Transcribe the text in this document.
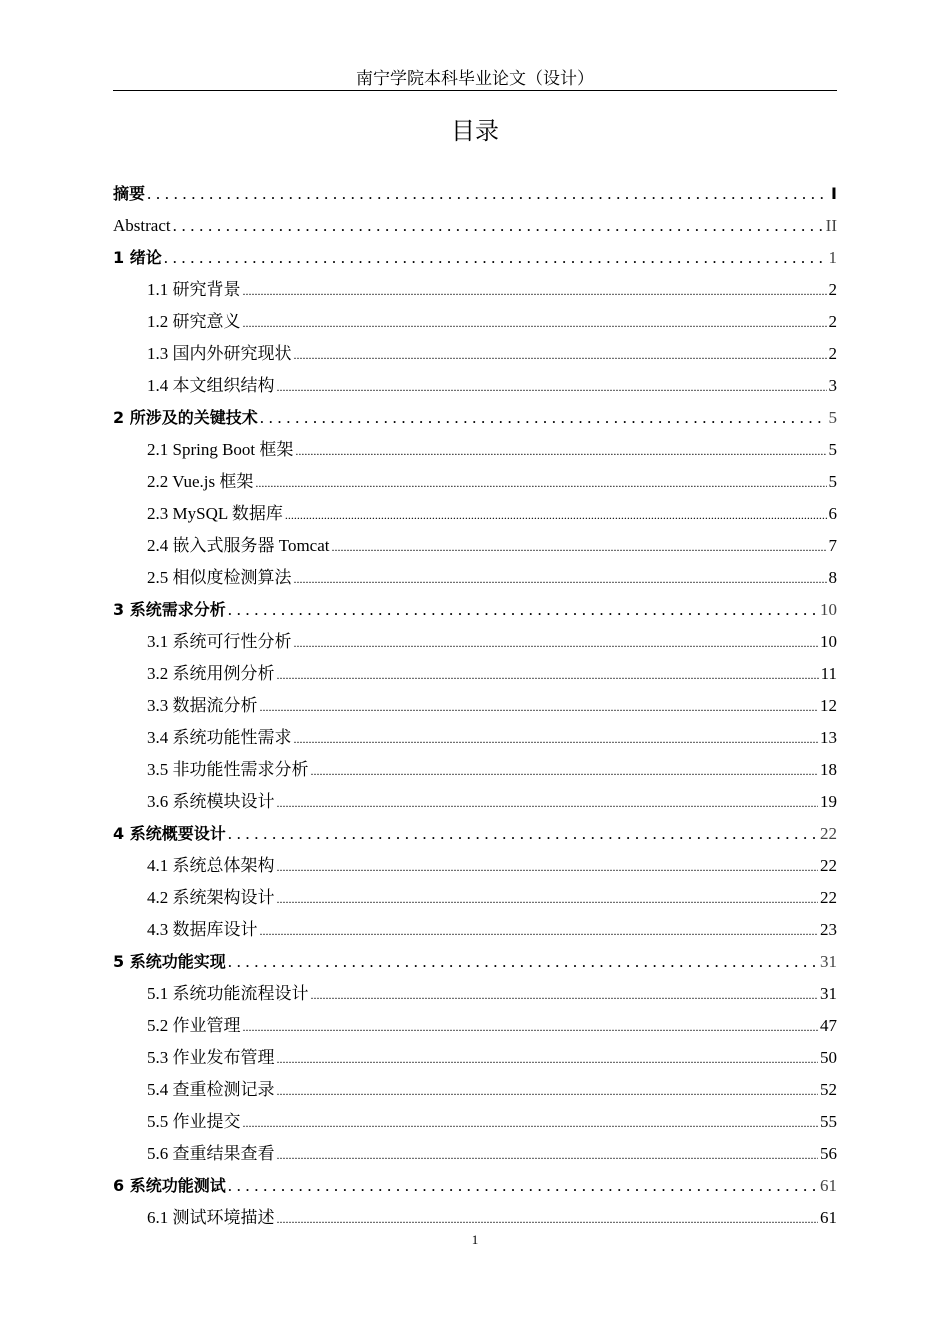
南宁学院本科毕业论文（设计）
目录
摘要 .....	I
Abstract .....	II
1 绪论 .....	1
1.1 研究背景 .....	2
1.2 研究意义 .....	2
1.3 国内外研究现状 .....	2
1.4 本文组织结构 .....	3
2 所涉及的关键技术 .....	5
2.1 Spring Boot 框架 .....	5
2.2 Vue.js 框架 .....	5
2.3 MySQL 数据库 .....	6
2.4 嵌入式服务器 Tomcat .....	7
2.5 相似度检测算法 .....	8
3 系统需求分析 .....	10
3.1 系统可行性分析 .....	10
3.2 系统用例分析 .....	11
3.3 数据流分析 .....	12
3.4 系统功能性需求 .....	13
3.5 非功能性需求分析 .....	18
3.6 系统模块设计 .....	19
4 系统概要设计 .....	22
4.1 系统总体架构 .....	22
4.2 系统架构设计 .....	22
4.3 数据库设计 .....	23
5 系统功能实现 .....	31
5.1 系统功能流程设计 .....	31
5.2 作业管理 .....	47
5.3 作业发布管理 .....	50
5.4 查重检测记录 .....	52
5.5 作业提交 .....	55
5.6 查重结果查看 .....	56
6 系统功能测试 .....	61
6.1 测试环境描述 .....	61
1
